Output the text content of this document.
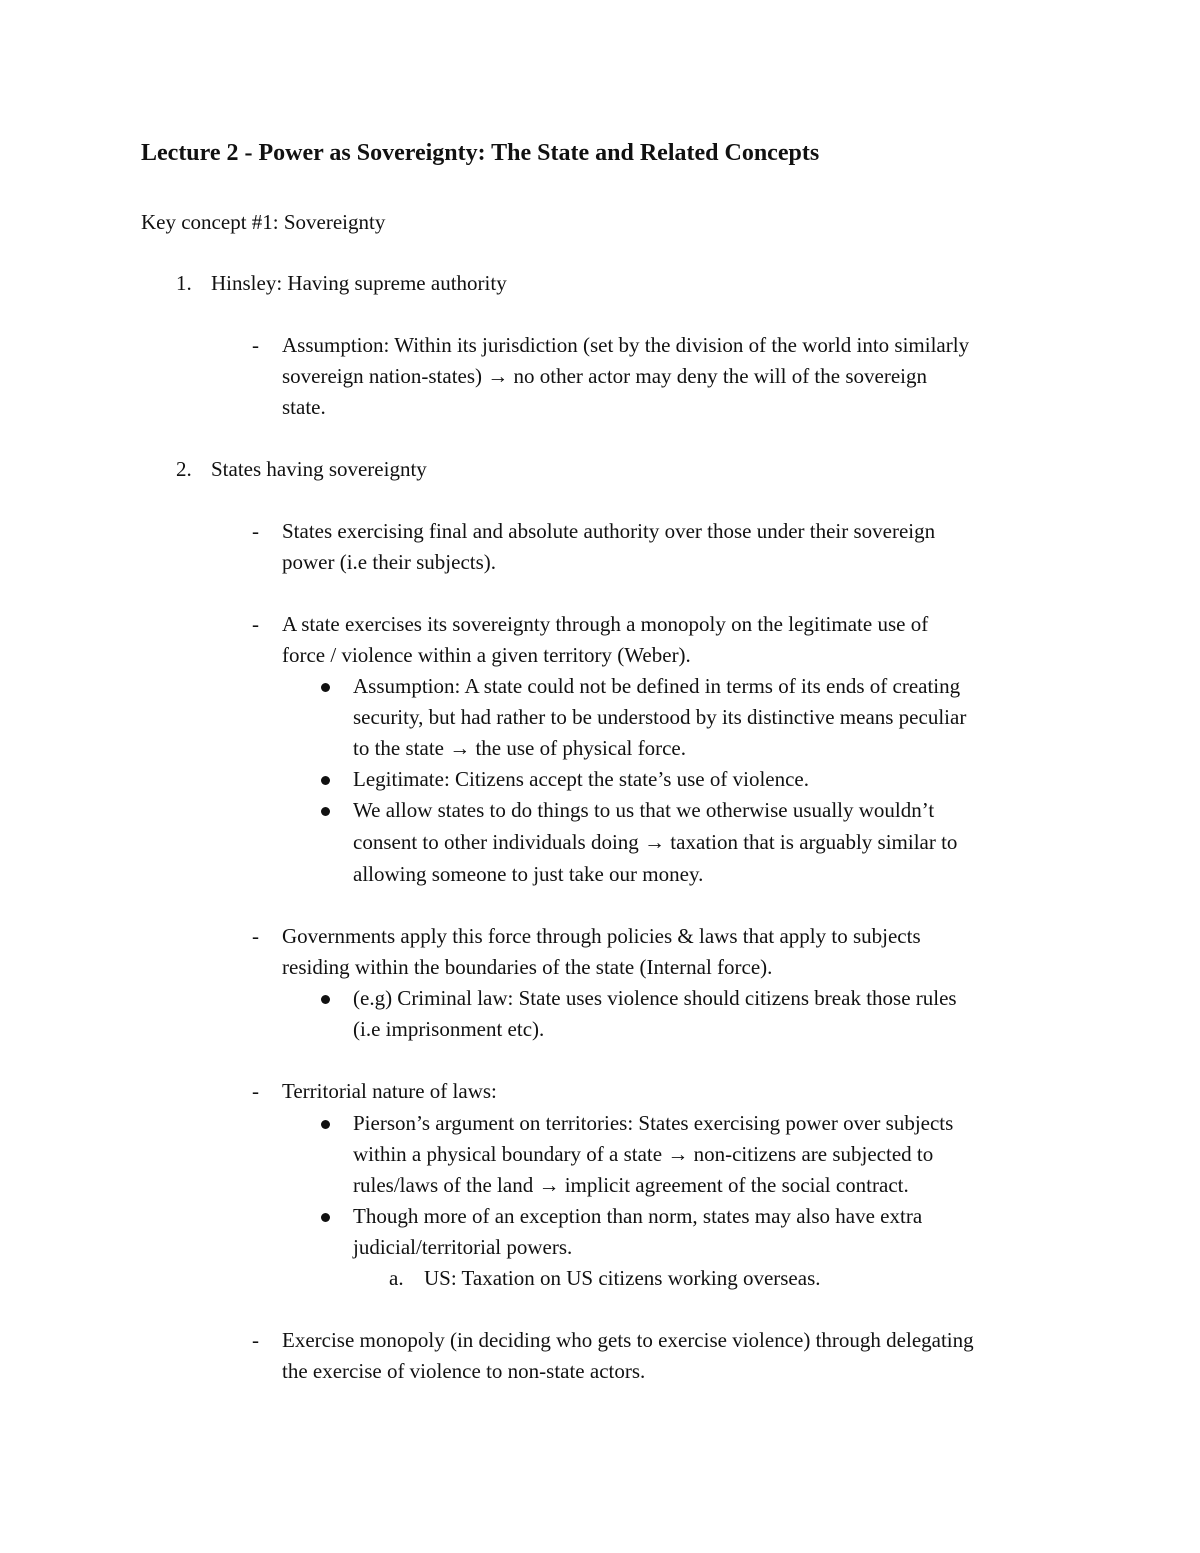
Lecture 2 - Power as Sovereignty: The State and Related Concepts
Key concept #1: Sovereignty
1. Hinsley: Having supreme authority
- Assumption: Within its jurisdiction (set by the division of the world into similarly
sovereign nation-states) → no other actor may deny the will of the sovereign
state.
2. States having sovereignty
- States exercising final and absolute authority over those under their sovereign
power (i.e their subjects).
- A state exercises its sovereignty through a monopoly on the legitimate use of
force / violence within a given territory (Weber).
Assumption: A state could not be defined in terms of its ends of creating
security, but had rather to be understood by its distinctive means peculiar
to the state → the use of physical force.
Legitimate: Citizens accept the state’s use of violence.
We allow states to do things to us that we otherwise usually wouldn’t
consent to other individuals doing → taxation that is arguably similar to
allowing someone to just take our money.
- Governments apply this force through policies & laws that apply to subjects
residing within the boundaries of the state (Internal force).
(e.g) Criminal law: State uses violence should citizens break those rules
(i.e imprisonment etc).
- Territorial nature of laws:
Pierson’s argument on territories: States exercising power over subjects
within a physical boundary of a state → non-citizens are subjected to
rules/laws of the land → implicit agreement of the social contract.
Though more of an exception than norm, states may also have extra
judicial/territorial powers.
a. US: Taxation on US citizens working overseas.
- Exercise monopoly (in deciding who gets to exercise violence) through delegating
the exercise of violence to non-state actors.
